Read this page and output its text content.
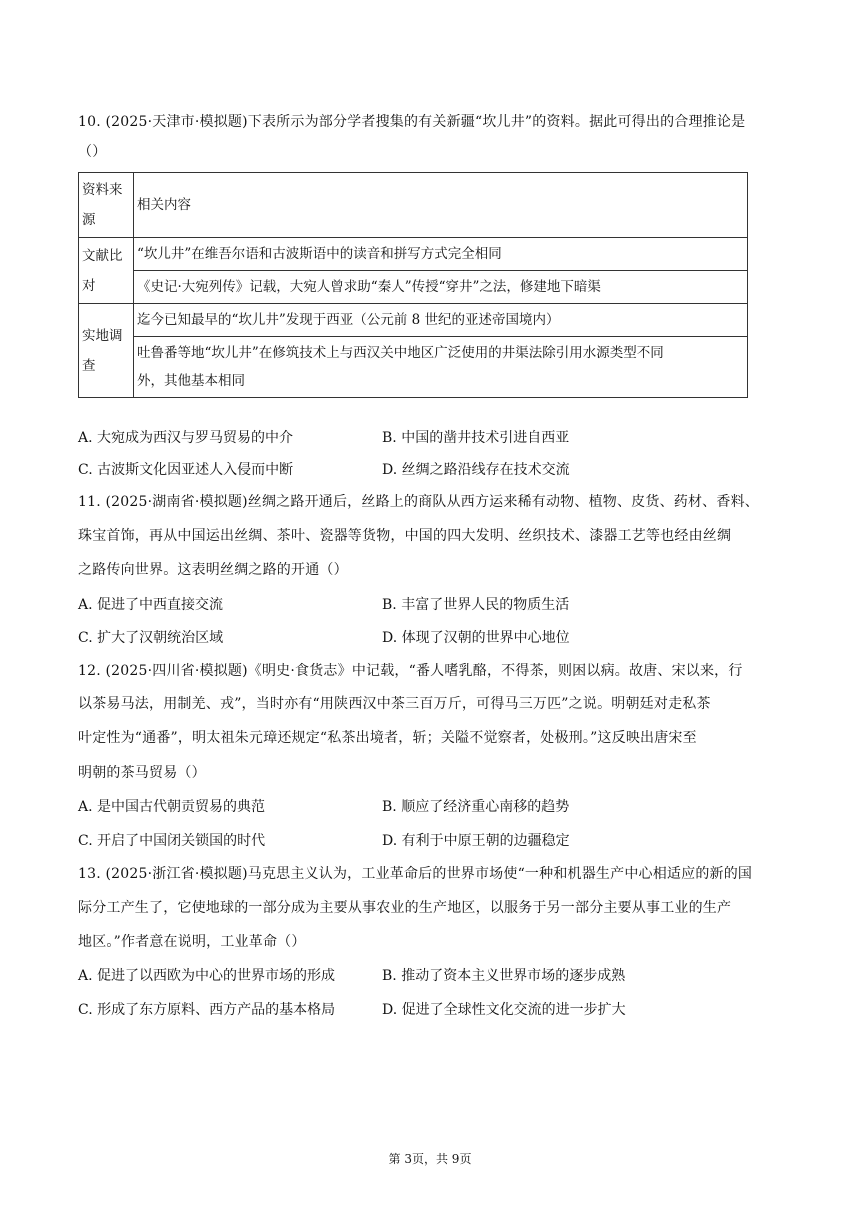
10. (2025·天津市·模拟题)下表所示为部分学者搜集的有关新疆“坎儿井”的资料。据此可得出的合理推论是
（）
资料来源	相关内容
文献比对	“坎儿井”在维吾尔语和古波斯语中的读音和拼写方式完全相同
	《史记·大宛列传》记载，大宛人曾求助“秦人”传授“穿井”之法，修建地下暗渠
实地调查	迄今已知最早的“坎儿井”发现于西亚（公元前 8 世纪的亚述帝国境内）
	吐鲁番等地“坎儿井”在修筑技术上与西汉关中地区广泛使用的井渠法除引用水源类型不同
外，其他基本相同
A. 大宛成为西汉与罗马贸易的中介	B. 中国的凿井技术引进自西亚
C. 古波斯文化因亚述人入侵而中断	D. 丝绸之路沿线存在技术交流
11. (2025·湖南省·模拟题)丝绸之路开通后，丝路上的商队从西方运来稀有动物、植物、皮货、药材、香料、
珠宝首饰，再从中国运出丝绸、茶叶、瓷器等货物，中国的四大发明、丝织技术、漆器工艺等也经由丝绸
之路传向世界。这表明丝绸之路的开通（）
A. 促进了中西直接交流	B. 丰富了世界人民的物质生活
C. 扩大了汉朝统治区域	D. 体现了汉朝的世界中心地位
12. (2025·四川省·模拟题)《明史·食货志》中记载，“番人嗜乳酪，不得茶，则困以病。故唐、宋以来，行
以茶易马法，用制羌、戎”，当时亦有“用陕西汉中茶三百万斤，可得马三万匹”之说。明朝廷对走私茶
叶定性为“通番”，明太祖朱元璋还规定“私茶出境者，斩；关隘不觉察者，处极刑。”这反映出唐宋至
明朝的茶马贸易（）
A. 是中国古代朝贡贸易的典范	B. 顺应了经济重心南移的趋势
C. 开启了中国闭关锁国的时代	D. 有利于中原王朝的边疆稳定
13. (2025·浙江省·模拟题)马克思主义认为，工业革命后的世界市场使“一种和机器生产中心相适应的新的国
际分工产生了，它使地球的一部分成为主要从事农业的生产地区，以服务于另一部分主要从事工业的生产
地区。”作者意在说明，工业革命（）
A. 促进了以西欧为中心的世界市场的形成	B. 推动了资本主义世界市场的逐步成熟
C. 形成了东方原料、西方产品的基本格局	D. 促进了全球性文化交流的进一步扩大
第 3页，共 9页
